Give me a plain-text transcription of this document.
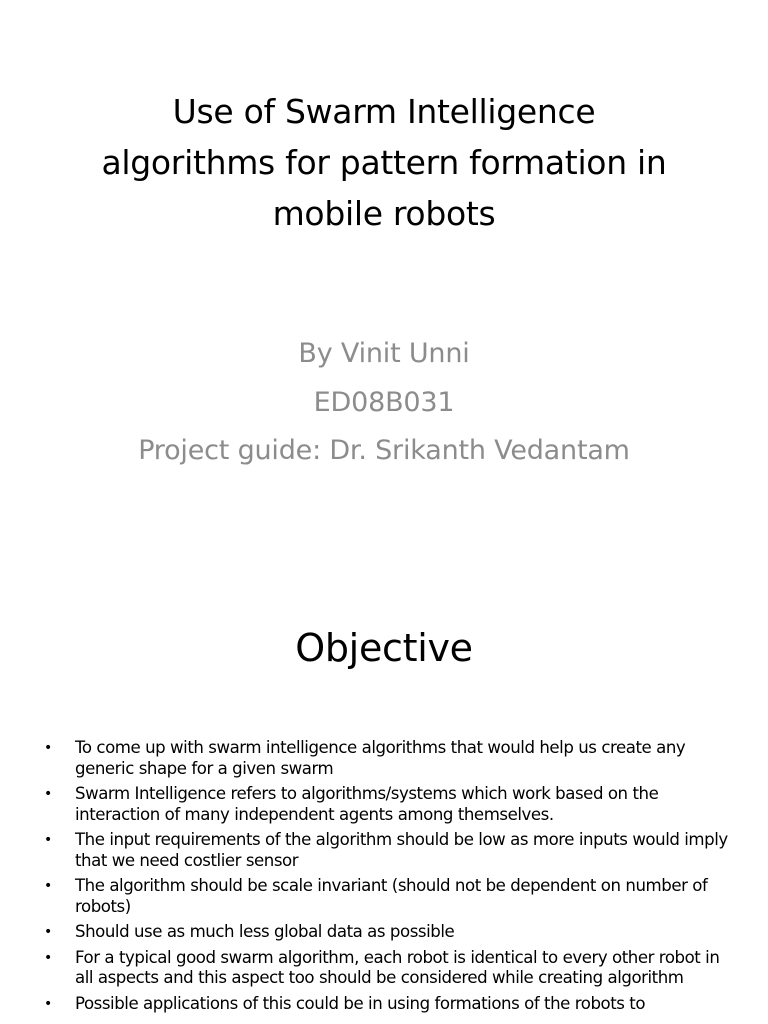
Use of Swarm Intelligence
algorithms for pattern formation in
mobile robots
By Vinit Unni
ED08B031
Project guide: Dr. Srikanth Vedantam
Objective
• To come up with swarm intelligence algorithms that would help us create any generic shape for a given swarm
• Swarm Intelligence refers to algorithms/systems which work based on the interaction of many independent agents among themselves.
• The input requirements of the algorithm should be low as more inputs would imply that we need costlier sensor
• The algorithm should be scale invariant (should not be dependent on number of robots)
• Should use as much less global data as possible
• For a typical good swarm algorithm, each robot is identical to every other robot in all aspects and this aspect too should be considered while creating algorithm
• Possible applications of this could be in using formations of the robots to
